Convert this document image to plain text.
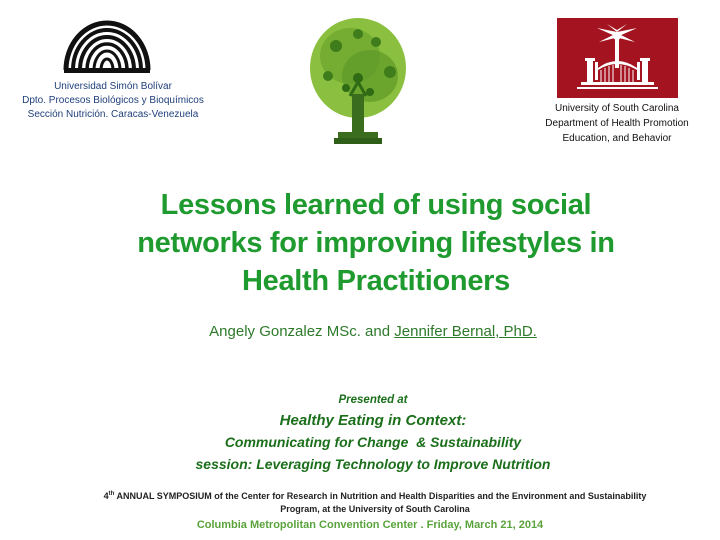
Universidad Simón Bolívar
Dpto. Procesos Biológicos y Bioquímicos
Sección Nutrición. Caracas-Venezuela
University of South Carolina
Department of Health Promotion
Education, and Behavior
Lessons learned of using social
networks for improving lifestyles in
Health Practitioners
Angely Gonzalez MSc. and Jennifer Bernal, PhD.
Presented at
Healthy Eating in Context:
Communicating for Change  & Sustainability
session: Leveraging Technology to Improve Nutrition
4th ANNUAL SYMPOSIUM of the Center for Research in Nutrition and Health Disparities and the Environment and Sustainability
Program, at the University of South Carolina
Columbia Metropolitan Convention Center . Friday, March 21, 2014
